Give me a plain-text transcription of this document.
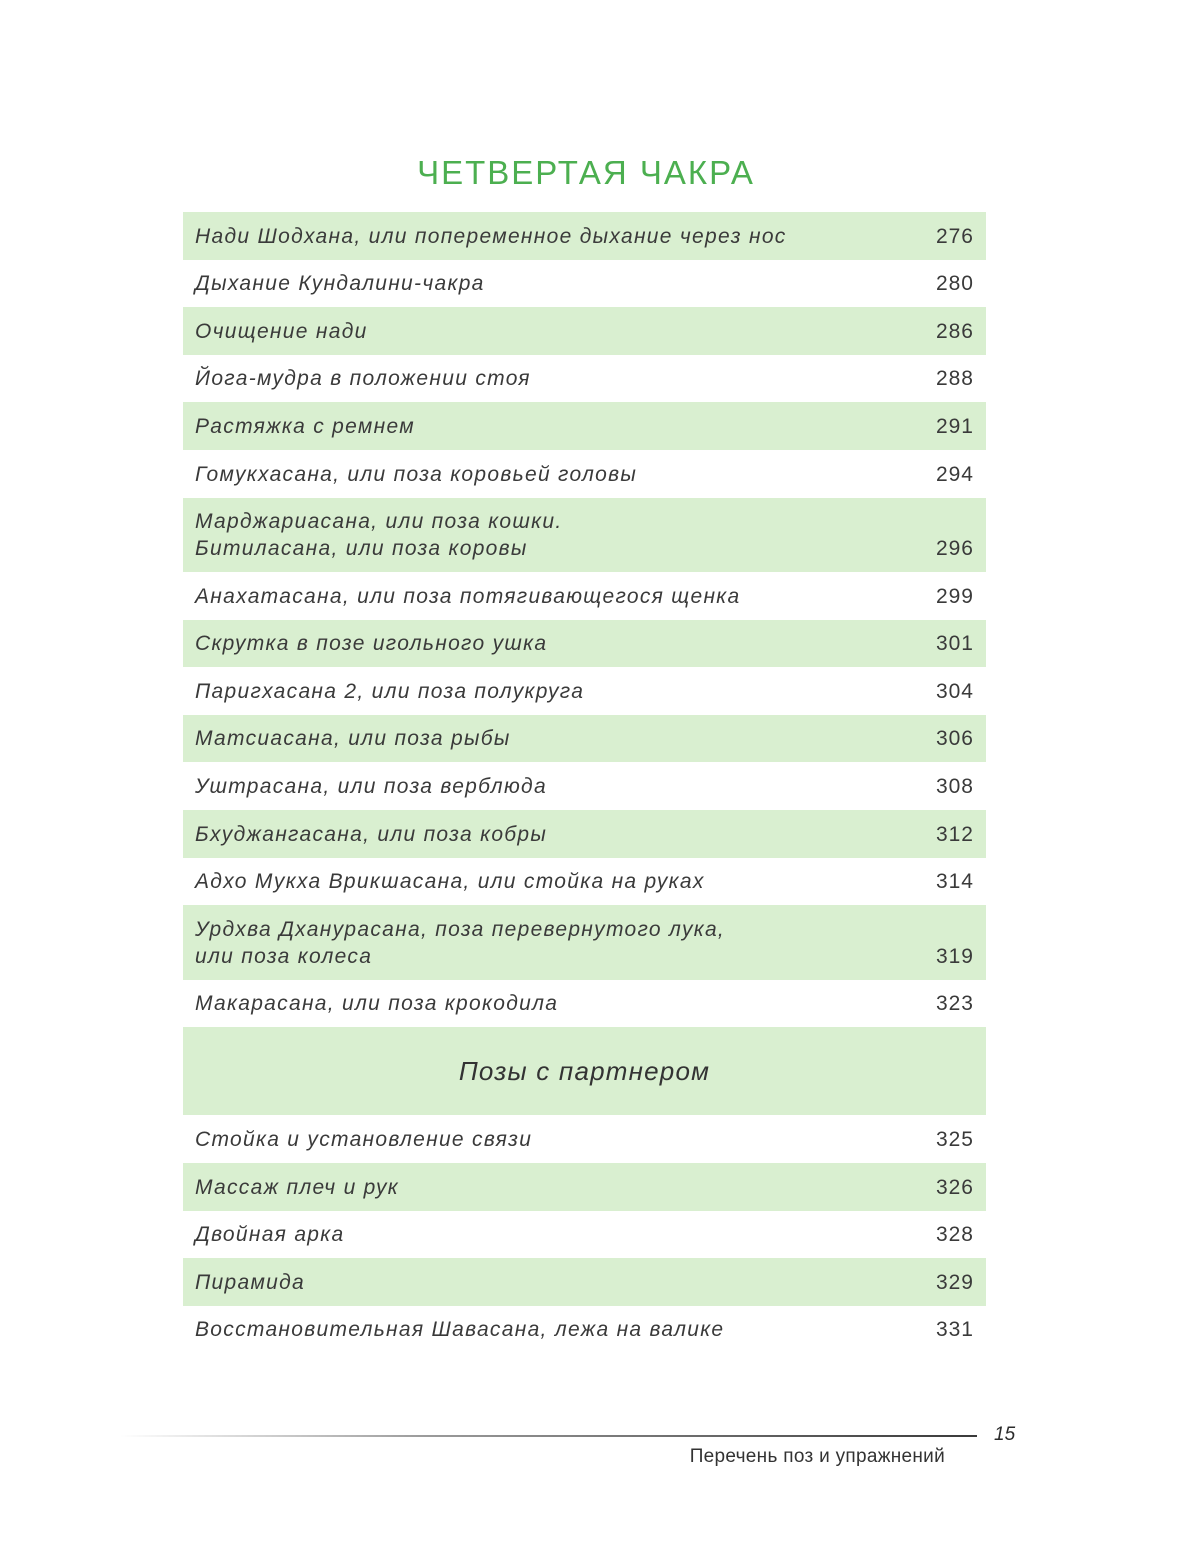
ЧЕТВЕРТАЯ ЧАКРА
Нади Шодхана, или попеременное дыхание через нос	276
Дыхание Кундалини-чакра	280
Очищение нади	286
Йога-мудра в положении стоя	288
Растяжка с ремнем	291
Гомукхасана, или поза коровьей головы	294
Марджариасана, или поза кошки.
Битиласана, или поза коровы	296
Анахатасана, или поза потягивающегося щенка	299
Скрутка в позе игольного ушка	301
Паригхасана 2, или поза полукруга	304
Матсиасана, или поза рыбы	306
Уштрасана, или поза верблюда	308
Бхуджангасана, или поза кобры	312
Адхо Мукха Врикшасана, или стойка на руках	314
Урдхва Дханурасана, поза перевернутого лука,
или поза колеса	319
Макарасана, или поза крокодила	323
Позы с партнером
Стойка и установление связи	325
Массаж плеч и рук	326
Двойная арка	328
Пирамида	329
Восстановительная Шавасана, лежа на валике	331
15
Перечень поз и упражнений
